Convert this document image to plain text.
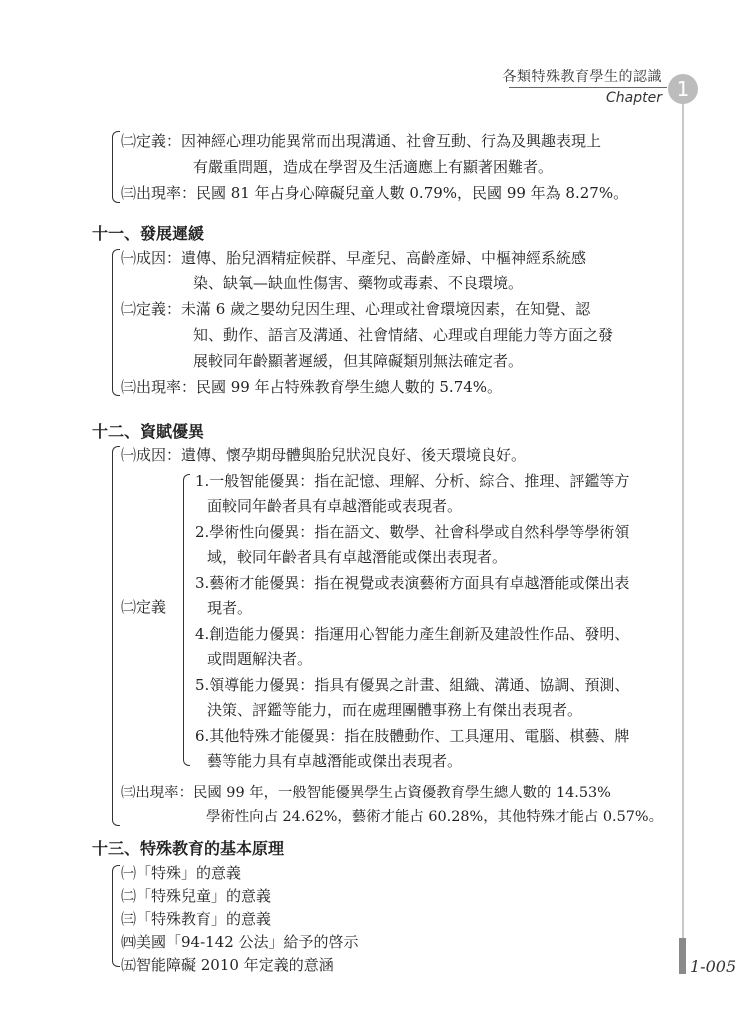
各類特殊教育學生的認識
Chapter 1
1-005
㈡定義：因神經心理功能異常而出現溝通、社會互動、行為及興趣表現上
有嚴重問題，造成在學習及生活適應上有顯著困難者。
㈢出現率：民國 81 年占身心障礙兒童人數 0.79%，民國 99 年為 8.27%。
十一、發展遲緩
㈠成因：遺傳、胎兒酒精症候群、早產兒、高齡產婦、中樞神經系統感
染、缺氧—缺血性傷害、藥物或毒素、不良環境。
㈡定義：未滿 6 歲之嬰幼兒因生理、心理或社會環境因素，在知覺、認
知、動作、語言及溝通、社會情緒、心理或自理能力等方面之發
展較同年齡顯著遲緩，但其障礙類別無法確定者。
㈢出現率：民國 99 年占特殊教育學生總人數的 5.74%。
十二、資賦優異
㈠成因：遺傳、懷孕期母體與胎兒狀況良好、後天環境良好。
㈡定義
1.一般智能優異：指在記憶、理解、分析、綜合、推理、評鑑等方
面較同年齡者具有卓越潛能或表現者。
2.學術性向優異：指在語文、數學、社會科學或自然科學等學術領
域，較同年齡者具有卓越潛能或傑出表現者。
3.藝術才能優異：指在視覺或表演藝術方面具有卓越潛能或傑出表
現者。
4.創造能力優異：指運用心智能力產生創新及建設性作品、發明、
或問題解決者。
5.領導能力優異：指具有優異之計畫、組織、溝通、協調、預測、
決策、評鑑等能力，而在處理團體事務上有傑出表現者。
6.其他特殊才能優異：指在肢體動作、工具運用、電腦、棋藝、牌
藝等能力具有卓越潛能或傑出表現者。
㈢出現率：民國 99 年，一般智能優異學生占資優教育學生總人數的 14.53%
學術性向占 24.62%，藝術才能占 60.28%，其他特殊才能占 0.57%。
十三、特殊教育的基本原理
㈠「特殊」的意義
㈡「特殊兒童」的意義
㈢「特殊教育」的意義
㈣美國「94-142 公法」給予的啓示
㈤智能障礙 2010 年定義的意涵
